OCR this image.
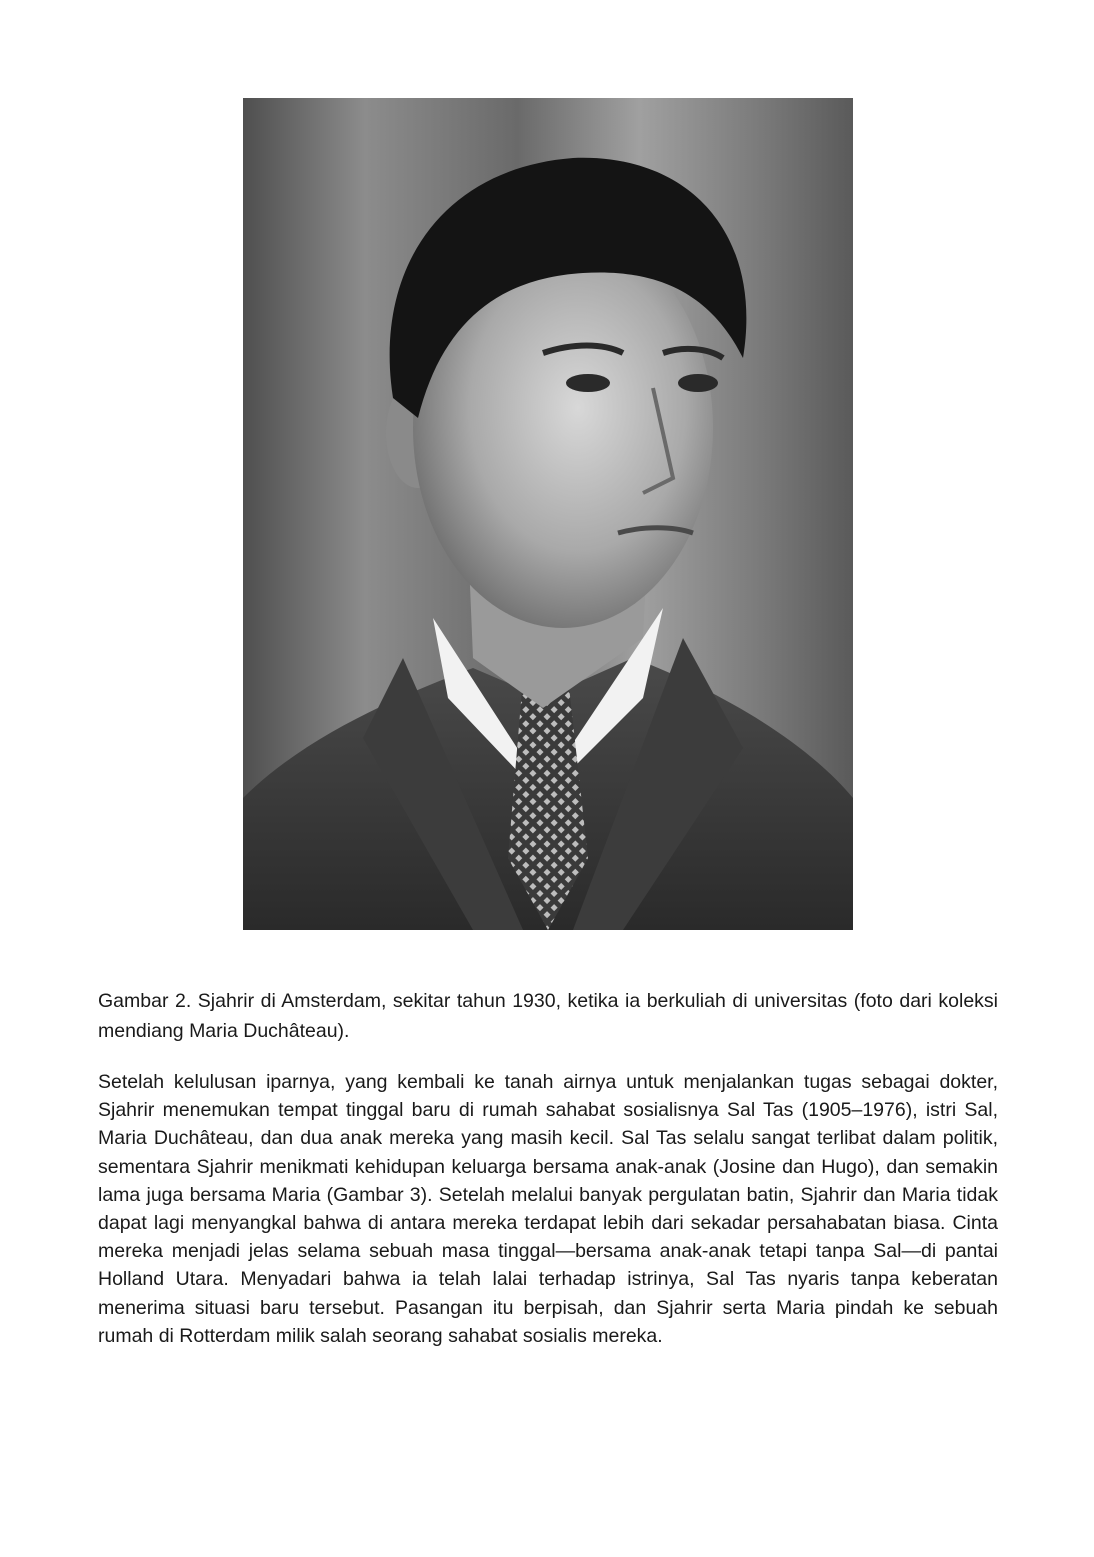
Gambar 2. Sjahrir di Amsterdam, sekitar tahun 1930, ketika ia berkuliah di universitas (foto dari koleksi mendiang Maria Duchâteau).

Setelah kelulusan iparnya, yang kembali ke tanah airnya untuk menjalankan tugas sebagai dokter, Sjahrir menemukan tempat tinggal baru di rumah sahabat sosialisnya Sal Tas (1905–1976), istri Sal, Maria Duchâteau, dan dua anak mereka yang masih kecil. Sal Tas selalu sangat terlibat dalam politik, sementara Sjahrir menikmati kehidupan keluarga bersama anak-anak (Josine dan Hugo), dan semakin lama juga bersama Maria (Gambar 3). Setelah melalui banyak pergulatan batin, Sjahrir dan Maria tidak dapat lagi menyangkal bahwa di antara mereka terdapat lebih dari sekadar persahabatan biasa. Cinta mereka menjadi jelas selama sebuah masa tinggal—bersama anak-anak tetapi tanpa Sal—di pantai Holland Utara. Menyadari bahwa ia telah lalai terhadap istrinya, Sal Tas nyaris tanpa keberatan menerima situasi baru tersebut. Pasangan itu berpisah, dan Sjahrir serta Maria pindah ke sebuah rumah di Rotterdam milik salah seorang sahabat sosialis mereka.
